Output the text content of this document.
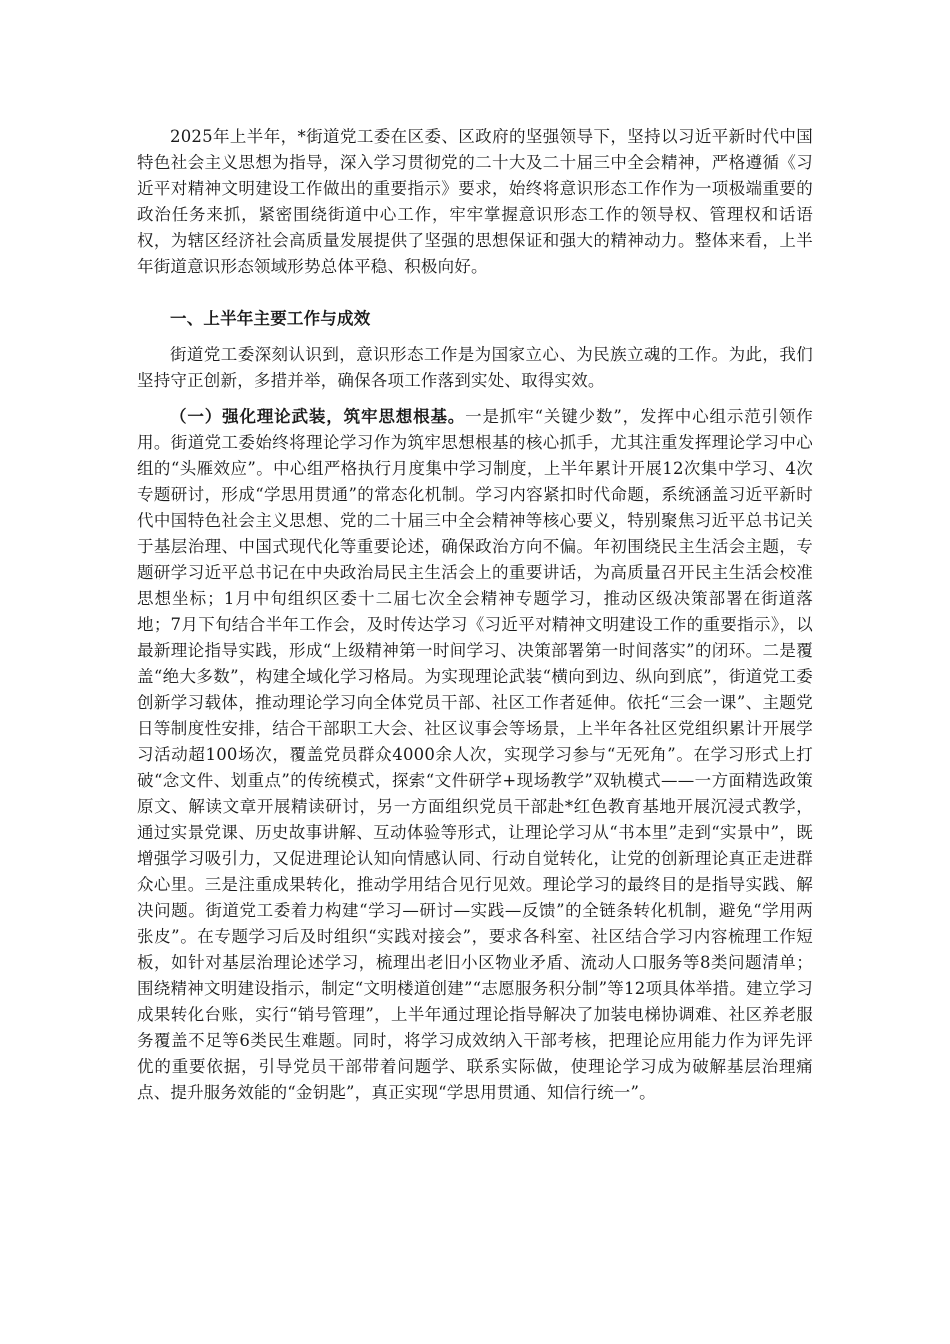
2025年上半年，*街道党工委在区委、区政府的坚强领导下，坚持以习近平新时代中国特色社会主义思想为指导，深入学习贯彻党的二十大及二十届三中全会精神，严格遵循《习近平对精神文明建设工作做出的重要指示》要求，始终将意识形态工作作为一项极端重要的政治任务来抓，紧密围绕街道中心工作，牢牢掌握意识形态工作的领导权、管理权和话语权，为辖区经济社会高质量发展提供了坚强的思想保证和强大的精神动力。整体来看，上半年街道意识形态领域形势总体平稳、积极向好。

一、上半年主要工作与成效

街道党工委深刻认识到，意识形态工作是为国家立心、为民族立魂的工作。为此，我们坚持守正创新，多措并举，确保各项工作落到实处、取得实效。

（一）强化理论武装，筑牢思想根基。一是抓牢“关键少数”，发挥中心组示范引领作用。街道党工委始终将理论学习作为筑牢思想根基的核心抓手，尤其注重发挥理论学习中心组的“头雁效应”。中心组严格执行月度集中学习制度，上半年累计开展12次集中学习、4次专题研讨，形成“学思用贯通”的常态化机制。学习内容紧扣时代命题，系统涵盖习近平新时代中国特色社会主义思想、党的二十届三中全会精神等核心要义，特别聚焦习近平总书记关于基层治理、中国式现代化等重要论述，确保政治方向不偏。年初围绕民主生活会主题，专题研学习近平总书记在中央政治局民主生活会上的重要讲话，为高质量召开民主生活会校准思想坐标；1月中旬组织区委十二届七次全会精神专题学习，推动区级决策部署在街道落地；7月下旬结合半年工作会，及时传达学习《习近平对精神文明建设工作的重要指示》，以最新理论指导实践，形成“上级精神第一时间学习、决策部署第一时间落实”的闭环。二是覆盖“绝大多数”，构建全域化学习格局。为实现理论武装“横向到边、纵向到底”，街道党工委创新学习载体，推动理论学习向全体党员干部、社区工作者延伸。依托“三会一课”、主题党日等制度性安排，结合干部职工大会、社区议事会等场景，上半年各社区党组织累计开展学习活动超100场次，覆盖党员群众4000余人次，实现学习参与“无死角”。在学习形式上打破“念文件、划重点”的传统模式，探索“文件研学+现场教学”双轨模式——一方面精选政策原文、解读文章开展精读研讨，另一方面组织党员干部赴*红色教育基地开展沉浸式教学，通过实景党课、历史故事讲解、互动体验等形式，让理论学习从“书本里”走到“实景中”，既增强学习吸引力，又促进理论认知向情感认同、行动自觉转化，让党的创新理论真正走进群众心里。三是注重成果转化，推动学用结合见行见效。理论学习的最终目的是指导实践、解决问题。街道党工委着力构建“学习—研讨—实践—反馈”的全链条转化机制，避免“学用两张皮”。在专题学习后及时组织“实践对接会”，要求各科室、社区结合学习内容梳理工作短板，如针对基层治理论述学习，梳理出老旧小区物业矛盾、流动人口服务等8类问题清单；围绕精神文明建设指示，制定“文明楼道创建”“志愿服务积分制”等12项具体举措。建立学习成果转化台账，实行“销号管理”，上半年通过理论指导解决了加装电梯协调难、社区养老服务覆盖不足等6类民生难题。同时，将学习成效纳入干部考核，把理论应用能力作为评先评优的重要依据，引导党员干部带着问题学、联系实际做，使理论学习成为破解基层治理痛点、提升服务效能的“金钥匙”，真正实现“学思用贯通、知信行统一”。
